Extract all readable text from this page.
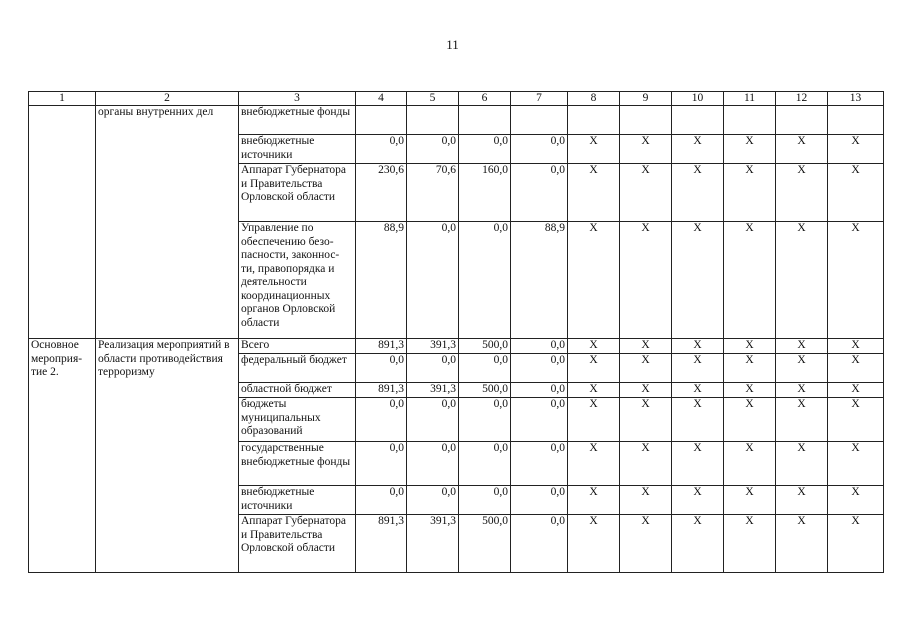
11
1	2	3	4	5	6	7	8	9	10	11	12	13
	органы внутренних дел	внебюджетные фонды										
		внебюджетные источники	0,0	0,0	0,0	0,0	X	X	X	X	X	X
		Аппарат Губернатора и Правительства Орловской области	230,6	70,6	160,0	0,0	X	X	X	X	X	X
		Управление по обеспечению безо-пасности, законнос-ти, правопорядка и деятельности координационных органов Орловской области	88,9	0,0	0,0	88,9	X	X	X	X	X	X
Основное мероприя-тие 2.	Реализация мероприятий в области противодействия терроризму	Всего	891,3	391,3	500,0	0,0	X	X	X	X	X	X
		федеральный бюджет	0,0	0,0	0,0	0,0	X	X	X	X	X	X
		областной бюджет	891,3	391,3	500,0	0,0	X	X	X	X	X	X
		бюджеты муниципальных образований	0,0	0,0	0,0	0,0	X	X	X	X	X	X
		государственные внебюджетные фонды	0,0	0,0	0,0	0,0	X	X	X	X	X	X
		внебюджетные источники	0,0	0,0	0,0	0,0	X	X	X	X	X	X
		Аппарат Губернатора и Правительства Орловской области	891,3	391,3	500,0	0,0	X	X	X	X	X	X
